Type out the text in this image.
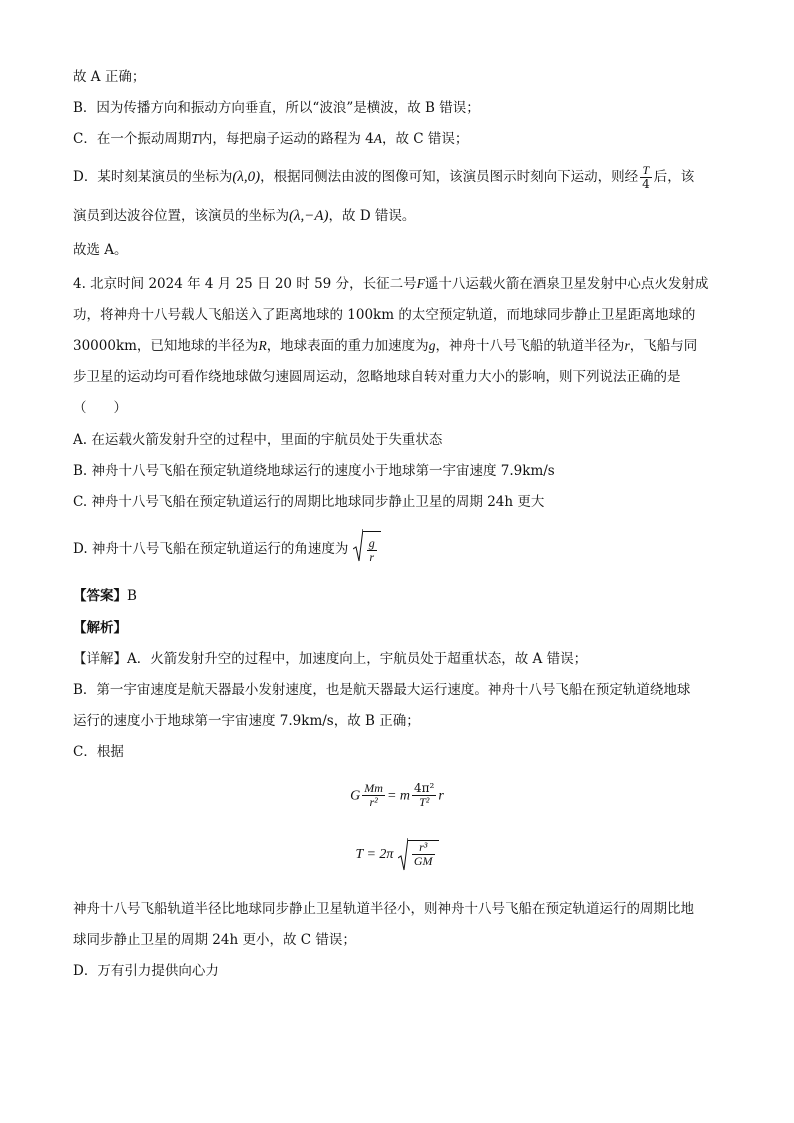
故 A 正确；
B．因为传播方向和振动方向垂直，所以“波浪”是横波，故 B 错误；
C．在一个振动周期T内，每把扇子运动的路程为 4A，故 C 错误；
D．某时刻某演员的坐标为(λ,0)，根据同侧法由波的图像可知，该演员图示时刻向下运动，则经 $\frac{T}{4}$ 后，该
演员到达波谷位置，该演员的坐标为(λ,−A)，故 D 错误。
故选 A。
4. 北京时间 2024 年 4 月 25 日 20 时 59 分，长征二号F遥十八运载火箭在酒泉卫星发射中心点火发射成
功，将神舟十八号载人飞船送入了距离地球的 100km 的太空预定轨道，而地球同步静止卫星距离地球的
30000km，已知地球的半径为R，地球表面的重力加速度为g，神舟十八号飞船的轨道半径为r，飞船与同
步卫星的运动均可看作绕地球做匀速圆周运动，忽略地球自转对重力大小的影响，则下列说法正确的是
（　　）
A. 在运载火箭发射升空的过程中，里面的宇航员处于失重状态
B. 神舟十八号飞船在预定轨道绕地球运行的速度小于地球第一宇宙速度 7.9km/s
C. 神舟十八号飞船在预定轨道运行的周期比地球同步静止卫星的周期 24h 更大
D. 神舟十八号飞船在预定轨道运行的角速度为 $\frac{g}{r}$
【答案】B
【解析】
【详解】A．火箭发射升空的过程中，加速度向上，宇航员处于超重状态，故 A 错误；
B．第一宇宙速度是航天器最小发射速度，也是航天器最大运行速度。神舟十八号飞船在预定轨道绕地球
运行的速度小于地球第一宇宙速度 7.9km/s，故 B 正确；
C．根据
G $\frac{Mm}{\text{r²}} = m \frac{\text{4π²}}{\text{T²}}$ r
$T = 2\pi \frac{\text{r³}}{GM}$
神舟十八号飞船轨道半径比地球同步静止卫星轨道半径小，则神舟十八号飞船在预定轨道运行的周期比地
球同步静止卫星的周期 24h 更小，故 C 错误；
D．万有引力提供向心力
